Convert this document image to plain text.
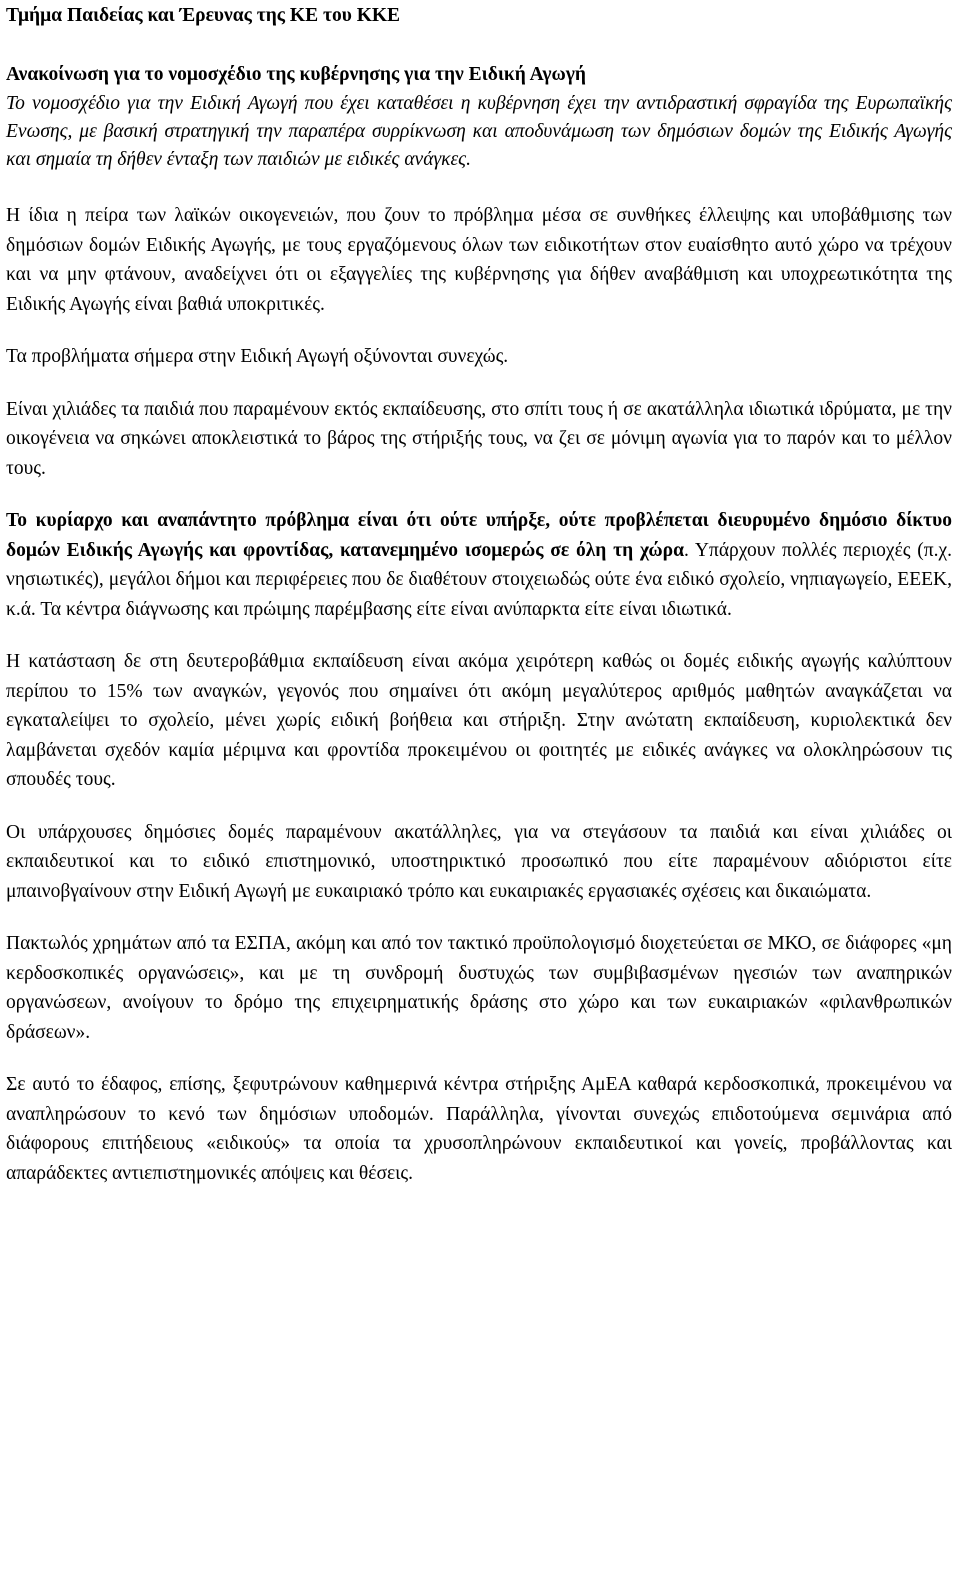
Τμήμα Παιδείας και Έρευνας της ΚΕ του ΚΚΕ
Ανακοίνωση για το νομοσχέδιο της κυβέρνησης για την Ειδική Αγωγή
Το νομοσχέδιο για την Ειδική Αγωγή που έχει καταθέσει η κυβέρνηση έχει την αντιδραστική σφραγίδα της Ευρωπαϊκής Ενωσης, με βασική στρατηγική την παραπέρα συρρίκνωση και αποδυνάμωση των δημόσιων δομών της Ειδικής Αγωγής και σημαία τη δήθεν ένταξη των παιδιών με ειδικές ανάγκες.

Η ίδια η πείρα των λαϊκών οικογενειών, που ζουν το πρόβλημα μέσα σε συνθήκες έλλειψης και υποβάθμισης των δημόσιων δομών Ειδικής Αγωγής, με τους εργαζόμενους όλων των ειδικοτήτων στον ευαίσθητο αυτό χώρο να τρέχουν και να μην φτάνουν, αναδείχνει ότι οι εξαγγελίες της κυβέρνησης για δήθεν αναβάθμιση και υποχρεωτικότητα της Ειδικής Αγωγής είναι βαθιά υποκριτικές.

Τα προβλήματα σήμερα στην Ειδική Αγωγή οξύνονται συνεχώς.

Είναι χιλιάδες τα παιδιά που παραμένουν εκτός εκπαίδευσης, στο σπίτι τους ή σε ακατάλληλα ιδιωτικά ιδρύματα, με την οικογένεια να σηκώνει αποκλειστικά το βάρος της στήριξής τους, να ζει σε μόνιμη αγωνία για το παρόν και το μέλλον τους.

Το κυρίαρχο και αναπάντητο πρόβλημα είναι ότι ούτε υπήρξε, ούτε προβλέπεται διευρυμένο δημόσιο δίκτυο δομών Ειδικής Αγωγής και φροντίδας, κατανεμημένο ισομερώς σε όλη τη χώρα. Υπάρχουν πολλές περιοχές (π.χ. νησιωτικές), μεγάλοι δήμοι και περιφέρειες που δε διαθέτουν στοιχειωδώς ούτε ένα ειδικό σχολείο, νηπιαγωγείο, ΕΕΕΚ, κ.ά. Τα κέντρα διάγνωσης και πρώιμης παρέμβασης είτε είναι ανύπαρκτα είτε είναι ιδιωτικά.

Η κατάσταση δε στη δευτεροβάθμια εκπαίδευση είναι ακόμα χειρότερη καθώς οι δομές ειδικής αγωγής καλύπτουν περίπου το 15% των αναγκών, γεγονός που σημαίνει ότι ακόμη μεγαλύτερος αριθμός μαθητών αναγκάζεται να εγκαταλείψει το σχολείο, μένει χωρίς ειδική βοήθεια και στήριξη. Στην ανώτατη εκπαίδευση, κυριολεκτικά δεν λαμβάνεται σχεδόν καμία μέριμνα και φροντίδα προκειμένου οι φοιτητές με ειδικές ανάγκες να ολοκληρώσουν τις σπουδές τους.

Οι υπάρχουσες δημόσιες δομές παραμένουν ακατάλληλες, για να στεγάσουν τα παιδιά και είναι χιλιάδες οι εκπαιδευτικοί και το ειδικό επιστημονικό, υποστηρικτικό προσωπικό που είτε παραμένουν αδιόριστοι είτε μπαινοβγαίνουν στην Ειδική Αγωγή με ευκαιριακό τρόπο και ευκαιριακές εργασιακές σχέσεις και δικαιώματα.

Πακτωλός χρημάτων από τα ΕΣΠΑ, ακόμη και από τον τακτικό προϋπολογισμό διοχετεύεται σε ΜΚΟ, σε διάφορες «μη κερδοσκοπικές οργανώσεις», και με τη συνδρομή δυστυχώς των συμβιβασμένων ηγεσιών των αναπηρικών οργανώσεων, ανοίγουν το δρόμο της επιχειρηματικής δράσης στο χώρο και των ευκαιριακών «φιλανθρωπικών δράσεων».

Σε αυτό το έδαφος, επίσης, ξεφυτρώνουν καθημερινά κέντρα στήριξης ΑμΕΑ καθαρά κερδοσκοπικά, προκειμένου να αναπληρώσουν το κενό των δημόσιων υποδομών. Παράλληλα, γίνονται συνεχώς επιδοτούμενα σεμινάρια από διάφορους επιτήδειους «ειδικούς» τα οποία τα χρυσοπληρώνουν εκπαιδευτικοί και γονείς, προβάλλοντας και απαράδεκτες αντιεπιστημονικές απόψεις και θέσεις.
